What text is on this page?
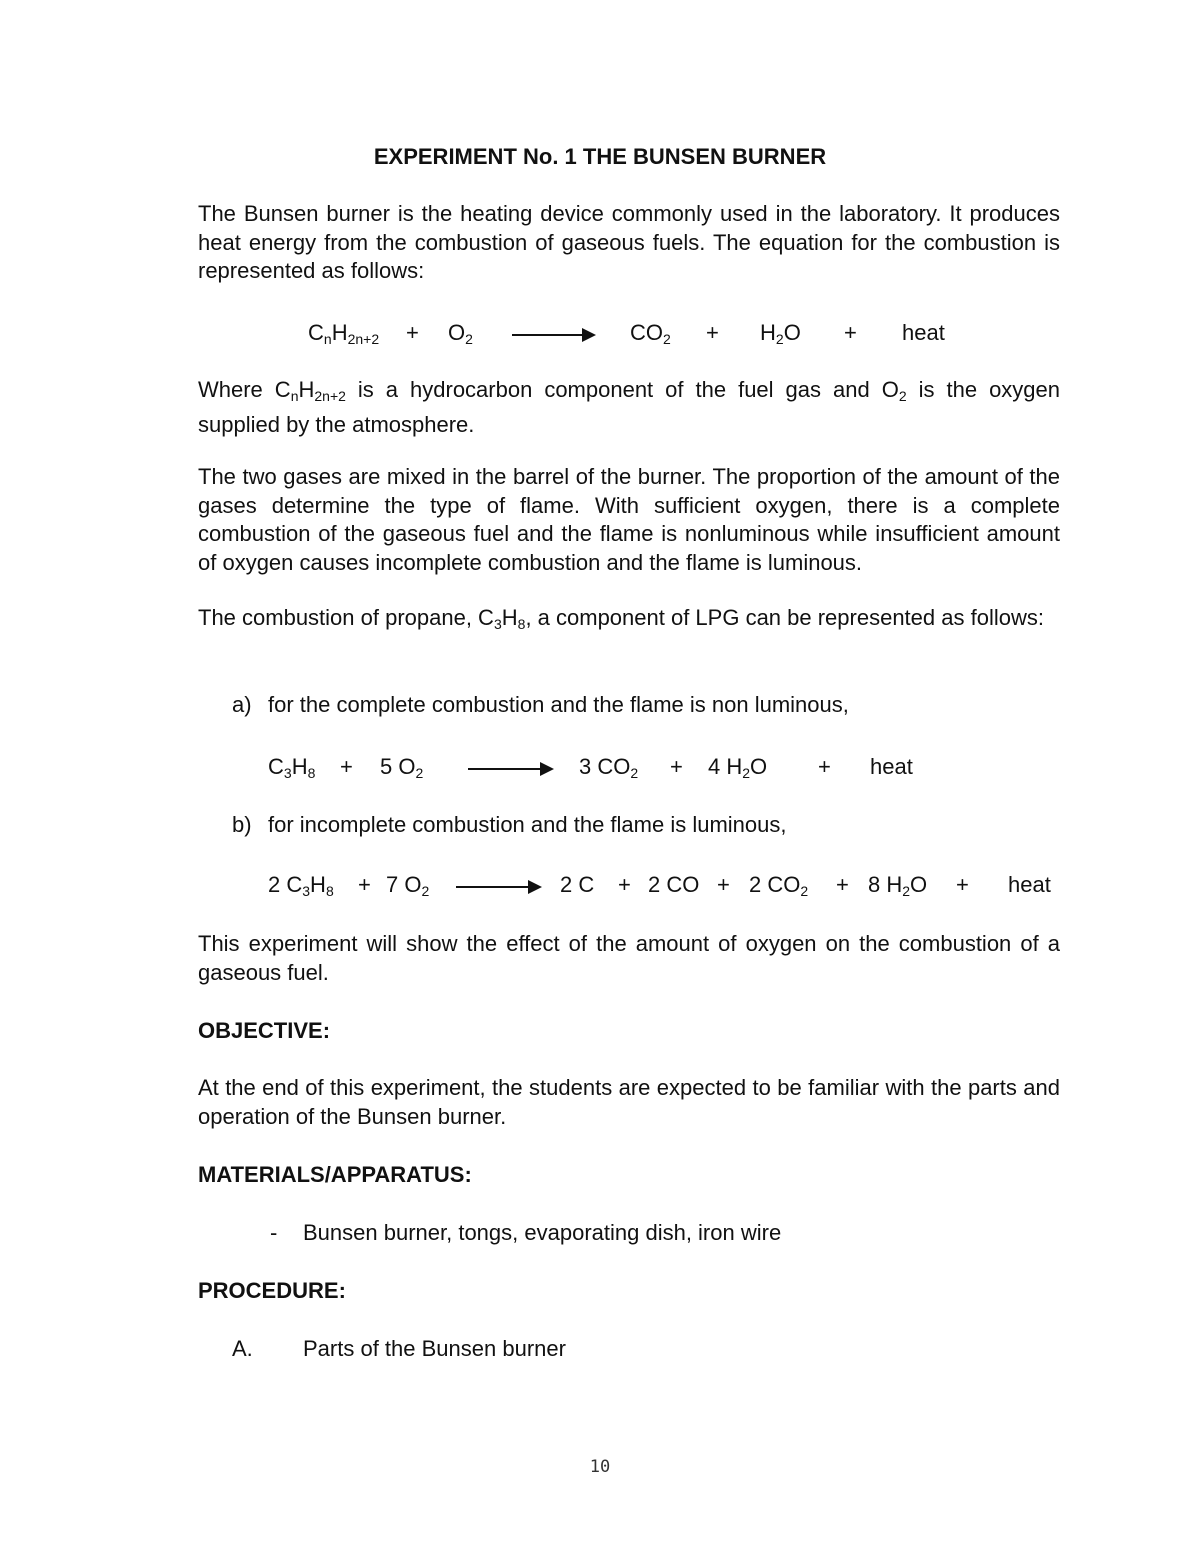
EXPERIMENT No. 1 THE BUNSEN BURNER

The Bunsen burner is the heating device commonly used in the laboratory. It produces heat energy from the combustion of gaseous fuels. The equation for the combustion is represented as follows:

$C_nH_{2n+2} + O_2$	$CO_2 + H_2O$ + heat

Where $C_nH_{2n+2}$ is a hydrocarbon component of the fuel gas and $O_2$ is the oxygen supplied by the atmosphere.

The two gases are mixed in the barrel of the burner. The proportion of the amount of the gases determine the type of flame. With sufficient oxygen, there is a complete combustion of the gaseous fuel and the flame is nonluminous while insufficient amount of oxygen causes incomplete combustion and the flame is luminous.

The combustion of propane, $C_3H_8$, a component of LPG can be represented as follows:

a) for the complete combustion and the flame is non luminous,
$C_3H_8 + 5$ $O_2$	3 $CO_2 + 4$ $H_2O$ + heat
b) for incomplete combustion and the flame is luminous,
2 $C_3H_8 + 7$ $O_2$	2 C + 2 CO + 2 $CO_2 + 8$ $H_2O$ + heat

This experiment will show the effect of the amount of oxygen on the combustion of a gaseous fuel.

OBJECTIVE:

At the end of this experiment, the students are expected to be familiar with the parts and operation of the Bunsen burner.

MATERIALS/APPARATUS:

- Bunsen burner, tongs, evaporating dish, iron wire

PROCEDURE:

A. Parts of the Bunsen burner

10
